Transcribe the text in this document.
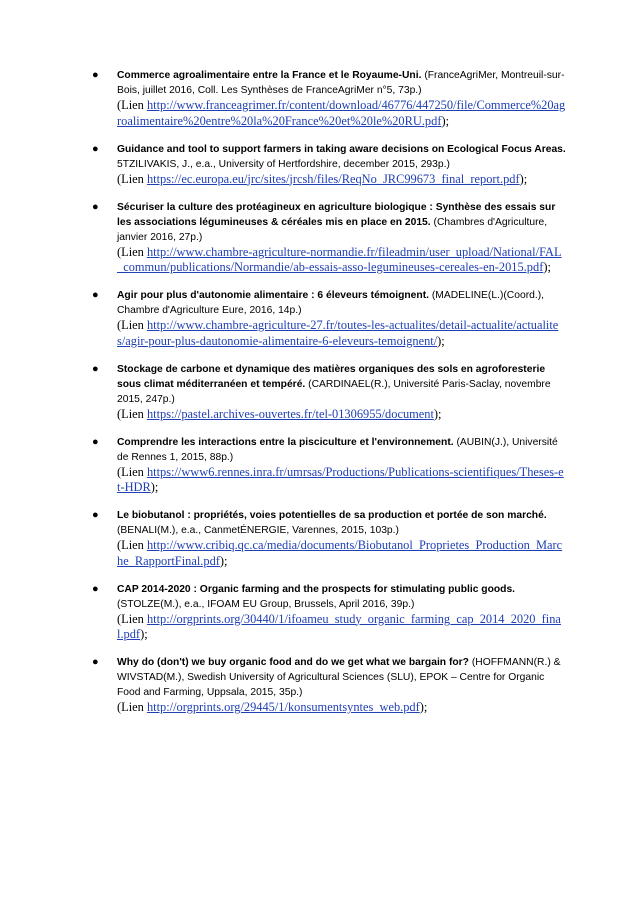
● Commerce agroalimentaire entre la France et le Royaume-Uni. (FranceAgriMer, Montreuil-sur-Bois, juillet 2016, Coll. Les Synthèses de FranceAgriMer n°5, 73p.)
(Lien http://www.franceagrimer.fr/content/download/46776/447250/file/Commerce%20agroalimentaire%20entre%20la%20France%20et%20le%20RU.pdf);
● Guidance and tool to support farmers in taking aware decisions on Ecological Focus Areas. 5TZILIVAKIS, J., e.a., University of Hertfordshire, december 2015, 293p.)
(Lien https://ec.europa.eu/jrc/sites/jrcsh/files/ReqNo_JRC99673_final_report.pdf);
● Sécuriser la culture des protéagineux en agriculture biologique : Synthèse des essais sur les associations légumineuses & céréales mis en place en 2015. (Chambres d'Agriculture, janvier 2016, 27p.)
(Lien http://www.chambre-agriculture-normandie.fr/fileadmin/user_upload/National/FAL_commun/publications/Normandie/ab-essais-asso-legumineuses-cereales-en-2015.pdf);
● Agir pour plus d'autonomie alimentaire : 6 éleveurs témoignent. (MADELINE(L.)(Coord.), Chambre d'Agriculture Eure, 2016, 14p.)
(Lien http://www.chambre-agriculture-27.fr/toutes-les-actualites/detail-actualite/actualites/agir-pour-plus-dautonomie-alimentaire-6-eleveurs-temoignent/);
● Stockage de carbone et dynamique des matières organiques des sols en agroforesterie sous climat méditerranéen et tempéré. (CARDINAEL(R.), Université Paris-Saclay, novembre 2015, 247p.)
(Lien https://pastel.archives-ouvertes.fr/tel-01306955/document);
● Comprendre les interactions entre la pisciculture et l'environnement. (AUBIN(J.), Université de Rennes 1, 2015, 88p.)
(Lien https://www6.rennes.inra.fr/umrsas/Productions/Publications-scientifiques/Theses-et-HDR);
● Le biobutanol : propriétés, voies potentielles de sa production et portée de son marché. (BENALI(M.), e.a., CanmetÉNERGIE, Varennes, 2015, 103p.)
(Lien http://www.cribiq.qc.ca/media/documents/Biobutanol_Proprietes_Production_Marche_RapportFinal.pdf);
● CAP 2014-2020 : Organic farming and the prospects for stimulating public goods. (STOLZE(M.), e.a., IFOAM EU Group, Brussels, April 2016, 39p.)
(Lien http://orgprints.org/30440/1/ifoameu_study_organic_farming_cap_2014_2020_final.pdf);
● Why do (don't) we buy organic food and do we get what we bargain for? (HOFFMANN(R.) & WIVSTAD(M.), Swedish University of Agricultural Sciences (SLU), EPOK – Centre for Organic Food and Farming, Uppsala, 2015, 35p.)
(Lien http://orgprints.org/29445/1/konsumentsyntes_web.pdf);
